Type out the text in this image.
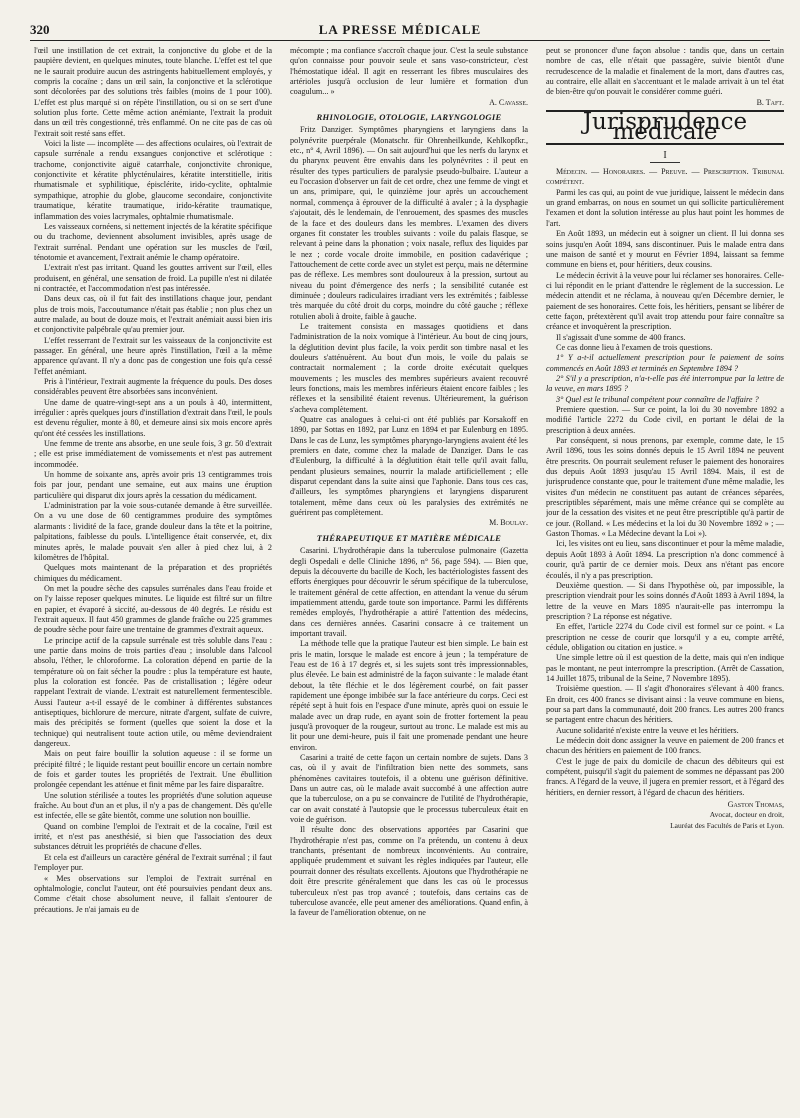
320	LA PRESSE MÉDICALE

l'œil une instillation de cet extrait, la conjonctive du globe et de la paupière devient, en quelques minutes, toute blanche. L'effet est tel que ne le saurait produire aucun des astringents habituellement employés, y compris la cocaïne ; dans un œil sain, la conjonctive et la sclérotique sont décolorées par des solutions très faibles (moins de 1 pour 100). L'effet est plus marqué si on répète l'instillation, ou si on se sert d'une solution plus forte. Cette même action anémiante, l'extrait la produit dans un œil très congestionné, très enflammé. On ne cite pas de cas où l'extrait soit resté sans effet.

Voici la liste — incomplète — des affections oculaires, où l'extrait de capsule surrénale a rendu exsangues conjonctive et sclérotique : trachome, conjonctivite aiguë catarrhale, conjonctivite chronique, conjonctivite et kératite phlycténulaires, kératite interstitielle, iritis rhumatismale et syphilitique, épisclérite, irido-cyclite, ophtalmie sympathique, atrophie du globe, glaucome secondaire, conjonctivite traumatique, kératite traumatique, irido-kératite traumatique, inflammation des voies lacrymales, ophtalmie rhumatismale.

Les vaisseaux cornéens, si nettement injectés de la kératite spécifique ou du trachome, deviennent absolument invisibles, après usage de l'extrait surrénal. Pendant une opération sur les muscles de l'œil, ténotomie et avancement, l'extrait anémie le champ opératoire.

L'extrait n'est pas irritant. Quand les gouttes arrivent sur l'œil, elles produisent, en général, une sensation de froid. La pupille n'est ni dilatée ni contractée, et l'accommodation n'est pas intéressée.

Dans deux cas, où il fut fait des instillations chaque jour, pendant plus de trois mois, l'accoutumance n'était pas établie ; non plus chez un autre malade, au bout de douze mois, et l'extrait anémiait aussi bien iris et conjonctivite palpébrale qu'au premier jour.

L'effet resserrant de l'extrait sur les vaisseaux de la conjonctivite est passager. En général, une heure après l'instillation, l'œil a la même apparence qu'avant. Il n'y a donc pas de congestion une fois qu'a cessé l'effet anémiant.

Pris à l'intérieur, l'extrait augmente la fréquence du pouls. Des doses considérables peuvent être absorbées sans inconvénient.

Une dame de quatre-vingt-sept ans a un pouls à 40, intermittent, irrégulier : après quelques jours d'instillation d'extrait dans l'œil, le pouls est devenu régulier, monte à 80, et demeure ainsi six mois encore après qu'ont été cessées les instillations.

Une femme de trente ans absorbe, en une seule fois, 3 gr. 50 d'extrait ; elle est prise immédiatement de vomissements et n'est pas autrement incommodée.

Un homme de soixante ans, après avoir pris 13 centigrammes trois fois par jour, pendant une semaine, eut aux mains une éruption particulière qui disparut dix jours après la cessation du médicament.

L'administration par la voie sous-cutanée demande à être surveillée. On a vu une dose de 60 centigrammes produire des symptômes alarmants : lividité de la face, grande douleur dans la tête et la poitrine, palpitations, faiblesse du pouls. L'intelligence était conservée, et, dix minutes après, le malade pouvait s'en aller à pied chez lui, à 2 kilomètres de l'hôpital.

Quelques mots maintenant de la préparation et des propriétés chimiques du médicament.

On met la poudre sèche des capsules surrénales dans l'eau froide et on l'y laisse reposer quelques minutes. Le liquide est filtré sur un filtre en papier, et évaporé à siccité, au-dessous de 40 degrés. Le résidu est l'extrait aqueux. Il faut 450 grammes de glande fraîche ou 225 grammes de poudre sèche pour faire une trentaine de grammes d'extrait aqueux.

Le principe actif de la capsule surrénale est très soluble dans l'eau : une partie dans moins de trois parties d'eau ; insoluble dans l'alcool absolu, l'éther, le chloroforme. La coloration dépend en partie de la température où on fait sécher la poudre : plus la température est haute, plus la coloration est foncée. Pas de cristallisation ; légère odeur rappelant l'extrait de viande. L'extrait est naturellement fermentescible. Aussi l'auteur a-t-il essayé de le combiner à différentes substances antiseptiques, bichlorure de mercure, nitrate d'argent, sulfate de cuivre, mais des précipités se forment (quelles que soient la dose et la technique) qui neutralisent toute action utile, ou même deviendraient dangereux.

Mais on peut faire bouillir la solution aqueuse : il se forme un précipité filtré ; le liquide restant peut bouillir encore un certain nombre de fois et garder toutes les propriétés de l'extrait. Une ébullition prolongée cependant les atténue et finit même par les faire disparaître.

Une solution stérilisée a toutes les propriétés d'une solution aqueuse fraîche. Au bout d'un an et plus, il n'y a pas de changement. Dès qu'elle est infectée, elle se gâte bientôt, comme une solution non bouillie.

Quand on combine l'emploi de l'extrait et de la cocaïne, l'œil est irrité, et n'est pas anesthésié, si bien que l'association des deux substances détruit les propriétés de chacune d'elles.

Et cela est d'ailleurs un caractère général de l'extrait surrénal ; il faut l'employer pur.

« Mes observations sur l'emploi de l'extrait surrénal en ophtalmologie, conclut l'auteur, ont été poursuivies pendant deux ans. Comme c'était chose absolument neuve, il fallait s'entourer de précautions. Je n'ai jamais eu de

mécompte ; ma confiance s'accroît chaque jour. C'est la seule substance qu'on connaisse pour pouvoir seule et sans vaso-constricteur, c'est l'hémostatique idéal. Il agit en resserrant les fibres musculaires des artérioles jusqu'à occlusion de leur lumière et formation d'un coagulum... »

A. Cavasse.
RHINOLOGIE, OTOLOGIE, LARYNGOLOGIE

Fritz Danziger. Symptômes pharyngiens et laryngiens dans la polynévrite puerpérale (Monatschr. für Ohrenheilkunde, Kehlkopfkr., etc., n° 4, Avril 1896). — On sait aujourd'hui que les nerfs du larynx et du pharynx peuvent être envahis dans les polynévrites : il peut en résulter des types particuliers de paralysie pseudo-bulbaire. L'auteur a eu l'occasion d'observer un fait de cet ordre, chez une femme de vingt et un ans, primipare, qui, le quinzième jour après un accouchement normal, commença à éprouver de la difficulté à avaler ; à la dysphagie s'ajoutait, dès le lendemain, de l'enrouement, des spasmes des muscles de la face et des douleurs dans les membres. L'examen des divers organes fit constater les troubles suivants : voile du palais flasque, se relevant à peine dans la phonation ; voix nasale, reflux des liquides par le nez ; corde vocale droite immobile, en position cadavérique ; l'attouchement de cette corde avec un stylet est perçu, mais ne détermine pas de réflexe. Les membres sont douloureux à la pression, surtout au niveau du point d'émergence des nerfs ; la sensibilité cutanée est diminuée ; douleurs radiculaires irradiant vers les extrémités ; faiblesse très marquée du côté droit du corps, moindre du côté gauche ; réflexe rotulien aboli à droite, faible à gauche.

Le traitement consista en massages quotidiens et dans l'administration de la noix vomique à l'intérieur. Au bout de cinq jours, la déglutition devint plus facile, la voix perdit son timbre nasal et les douleurs s'atténuèrent. Au bout d'un mois, le voile du palais se contractait normalement ; la corde droite exécutait quelques mouvements ; les muscles des membres supérieurs avaient recouvré leurs fonctions, mais les membres inférieurs étaient encore faibles ; les réflexes et la sensibilité étaient revenus. Ultérieurement, la guérison s'acheva complètement.

Quatre cas analogues à celui-ci ont été publiés par Korsakoff en 1890, par Sottas en 1892, par Lunz en 1894 et par Eulenburg en 1895. Dans le cas de Lunz, les symptômes pharyngo-laryngiens avaient été les premiers en date, comme chez la malade de Danziger. Dans le cas d'Eulenburg, la difficulté à la déglutition était telle qu'il avait fallu, pendant plusieurs semaines, nourrir la malade artificiellement ; elle disparut cependant dans la suite ainsi que l'aphonie. Dans tous ces cas, d'ailleurs, les symptômes pharyngiens et laryngiens disparurent totalement, même dans ceux où les paralysies des extrémités ne guérirent pas complètement.

M. Boulay.
THÉRAPEUTIQUE ET MATIÈRE MÉDICALE

Casarini. L'hydrothérapie dans la tuberculose pulmonaire (Gazetta degli Ospedali e delle Cliniche 1896, n° 56, page 594). — Bien que, depuis la découverte du bacille de Koch, les bactériologistes fassent des efforts énergiques pour découvrir le sérum spécifique de la tuberculose, le traitement général de cette affection, en attendant la venue du sérum impatiemment attendu, garde toute son importance. Parmi les différents remèdes employés, l'hydrothérapie a attiré l'attention des médecins, dans ces dernières années. Casarini consacre à ce traitement un important travail.

La méthode telle que la pratique l'auteur est bien simple. Le bain est pris le matin, lorsque le malade est encore à jeun ; la température de l'eau est de 16 à 17 degrés et, si les sujets sont très impressionnables, plus élevée. Le bain est administré de la façon suivante : le malade étant debout, la tête fléchie et le dos légèrement courbé, on fait passer rapidement une éponge imbibée sur la face antérieure du corps. Ceci est répété sept à huit fois en l'espace d'une minute, après quoi on essuie le malade avec un drap rude, en ayant soin de frotter fortement la peau jusqu'à provoquer de la rougeur, surtout au tronc. Le malade est mis au lit pour une demi-heure, puis il fait une promenade pendant une heure environ.

Casarini a traité de cette façon un certain nombre de sujets. Dans 3 cas, où il y avait de l'infiltration bien nette des sommets, sans phénomènes cavitaires toutefois, il a obtenu une guérison définitive. Dans un autre cas, où le malade avait succombé à une affection autre que la tuberculose, on a pu se convaincre de l'utilité de l'hydrothérapie, car on avait constaté à l'autopsie que le processus tuberculeux était en voie de guérison.

Il résulte donc des observations apportées par Casarini que l'hydrothérapie n'est pas, comme on l'a prétendu, un contenu à deux tranchants, présentant de nombreux inconvénients. Au contraire, appliquée prudemment et suivant les règles indiquées par l'auteur, elle pourrait donner des résultats excellents. Ajoutons que l'hydrothérapie ne doit être prescrite généralement que dans les cas où le processus tuberculeux n'est pas trop avancé ; toutefois, dans certains cas de tuberculose avancée, elle peut amener des améliorations. Quand enfin, à la faveur de l'amélioration obtenue, on ne

peut se prononcer d'une façon absolue : tandis que, dans un certain nombre de cas, elle n'était que passagère, suivie bientôt d'une recrudescence de la maladie et finalement de la mort, dans d'autres cas, au contraire, elle allait en s'accentuant et le malade arrivait à un tel état de bien-être qu'on pouvait le considérer comme guéri.

B. Taft.
Jurisprudence médicale
I

Médecin. — Honoraires. — Preuve. — Prescription. Tribunal compétent.

Parmi les cas qui, au point de vue juridique, laissent le médecin dans un grand embarras, on nous en soumet un qui sollicite particulièrement l'examen et dont la solution intéresse au plus haut point les hommes de l'art.

En Août 1893, un médecin eut à soigner un client. Il lui donna ses soins jusqu'en Août 1894, sans discontinuer. Puis le malade entra dans une maison de santé et y mourut en Février 1894, laissant sa femme commune en biens et, pour héritiers, deux cousins.

Le médecin écrivit à la veuve pour lui réclamer ses honoraires. Celle-ci lui répondit en le priant d'attendre le règlement de la succession. Le médecin attendit et ne réclama, à nouveau qu'en Décembre dernier, le paiement de ses honoraires. Cette fois, les héritiers, pensant se libérer de cette façon, prétextèrent qu'il avait trop attendu pour faire connaître sa créance et invoquèrent la prescription.

Il s'agissait d'une somme de 400 francs.

Ce cas donne lieu à l'examen de trois questions.

1° Y a-t-il actuellement prescription pour le paiement de soins commencés en Août 1893 et terminés en Septembre 1894 ?

2° S'il y a prescription, n'a-t-elle pas été interrompue par la lettre de la veuve, en mars 1895 ?

3° Quel est le tribunal compétent pour connaître de l'affaire ?

Premiere question. — Sur ce point, la loi du 30 novembre 1892 a modifié l'article 2272 du Code civil, en portant le délai de la prescription à deux années.

Par conséquent, si nous prenons, par exemple, comme date, le 15 Avril 1896, tous les soins donnés depuis le 15 Avril 1894 ne peuvent être prescrits. On pourrait seulement refuser le paiement des honoraires dus depuis Août 1893 jusqu'au 15 Avril 1894. Mais, il est de jurisprudence constante que, pour le traitement d'une même maladie, les visites d'un médecin ne constituent pas autant de créances séparées, prescriptibles séparément, mais une même créance qui se complète au jour de la cessation des visites et ne peut être prescriptible qu'à partir de ce jour. (Rolland. « Les médecins et la loi du 30 Novembre 1892 » ; — Gaston Thomas. « La Médecine devant la Loi »).

Ici, les visites ont eu lieu, sans discontinuer et pour la même maladie, depuis Août 1893 à Août 1894. La prescription n'a donc commencé à courir, qu'à partir de ce dernier mois. Deux ans n'étant pas encore écoulés, il n'y a pas prescription.

Deuxième question. — Si dans l'hypothèse où, par impossible, la prescription viendrait pour les soins donnés d'Août 1893 à Avril 1894, la lettre de la veuve en Mars 1895 n'aurait-elle pas interrompu la prescription ? La réponse est négative.

En effet, l'article 2274 du Code civil est formel sur ce point. « La prescription ne cesse de courir que lorsqu'il y a eu, compte arrêté, cédule, obligation ou citation en justice. »

Une simple lettre où il est question de la dette, mais qui n'en indique pas le montant, ne peut interrompre la prescription. (Arrêt de Cassation, 14 Juillet 1875, tribunal de la Seine, 7 Novembre 1895).

Troisième question. — Il s'agit d'honoraires s'élevant à 400 francs. En droit, ces 400 francs se divisant ainsi : la veuve commune en biens, pour sa part dans la communauté, doit 200 francs. Les autres 200 francs se partagent entre chacun des héritiers.

Aucune solidarité n'existe entre la veuve et les héritiers.

Le médecin doit donc assigner la veuve en paiement de 200 francs et chacun des héritiers en paiement de 100 francs.

C'est le juge de paix du domicile de chacun des débiteurs qui est compétent, puisqu'il s'agit du paiement de sommes ne dépassant pas 200 francs. A l'égard de la veuve, il jugera en premier ressort, et à l'égard des héritiers, en dernier ressort, à l'égard de chacun des héritiers.

Gaston Thomas,
Avocat, docteur en droit,
Lauréat des Facultés de Paris et Lyon.
